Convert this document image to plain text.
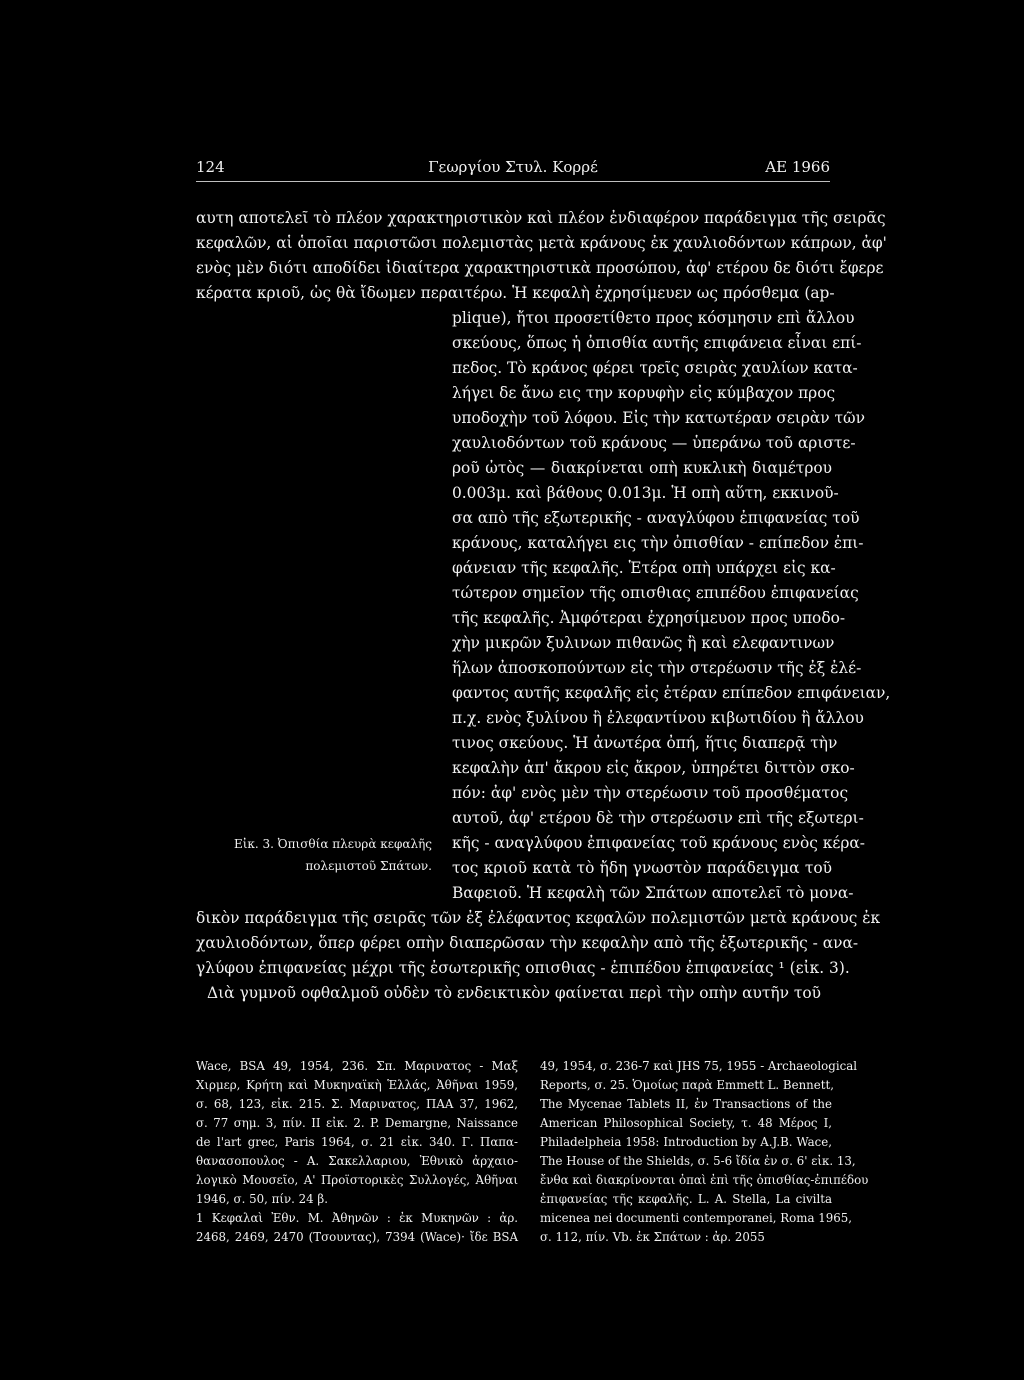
124	Γεωργίου Στυλ. Κορρέ	ΑΕ 1966
αυτη αποτελεῖ τὸ πλέον χαρακτηριστικὸν καὶ πλέον ἐνδιαφέρον παράδειγμα τῆς σειρᾶς
κεφαλῶν, αἱ ὁποῖαι παριστῶσι πολεμιστὰς μετὰ κράνους ἐκ χαυλιοδόντων κάπρων, ἀφ'
ενὸς μὲν διότι αποδίδει ἰδιαίτερα χαρακτηριστικὰ προσώπου, ἀφ' ετέρου δε διότι ἔφερε
κέρατα κριοῦ, ὡς θὰ ἴδωμεν περαιτέρω. Ἡ κεφαλὴ ἐχρησίμευεν ως πρόσθεμα (ap-
plique), ἤτοι προσετίθετο προς κόσμησιν επὶ ἄλλου
σκεύους, ὅπως ἡ ὀπισθία αυτῆς επιφάνεια εἶναι επί-
πεδος. Τὸ κράνος φέρει τρεῖς σειρὰς χαυλίων κατα-
λήγει δε ἄνω εις την κορυφὴν εἰς κύμβαχον προς
υποδοχὴν τοῦ λόφου. Εἰς τὴν κατωτέραν σειρὰν τῶν
χαυλιοδόντων τοῦ κράνους — ὑπεράνω τοῦ αριστε-
ροῦ ὠτὸς — διακρίνεται οπὴ κυκλικὴ διαμέτρου
0.003μ. καὶ βάθους 0.013μ. Ἡ οπὴ αὕτη, εκκινοῦ-
σα απὸ τῆς εξωτερικῆς - αναγλύφου ἐπιφανείας τοῦ
κράνους, καταλήγει εις τὴν ὀπισθίαν - επίπεδον ἐπι-
φάνειαν τῆς κεφαλῆς. Ἑτέρα οπὴ υπάρχει εἰς κα-
τώτερον σημεῖον τῆς οπισθιας επιπέδου ἐπιφανείας
τῆς κεφαλῆς. Ἀμφότεραι ἐχρησίμευον προς υποδο-
χὴν μικρῶν ξυλινων πιθανῶς ἢ καὶ ελεφαντινων
ἥλων ἀποσκοπούντων εἰς τὴν στερέωσιν τῆς ἐξ ἐλέ-
φαντος αυτῆς κεφαλῆς εἰς ἑτέραν επίπεδον επιφάνειαν,
π.χ. ενὸς ξυλίνου ἢ ἐλεφαντίνου κιβωτιδίου ἢ ἄλλου
τινος σκεύους. Ἡ ἀνωτέρα ὀπή, ἥτις διαπερᾷ τὴν
κεφαλὴν ἀπ' ἄκρου εἰς ἄκρον, ὑπηρέτει διττὸν σκο-
πόν: ἀφ' ενὸς μὲν τὴν στερέωσιν τοῦ προσθέματος
αυτοῦ, ἀφ' ετέρου δὲ τὴν στερέωσιν επὶ τῆς εξωτερι-
κῆς - αναγλύφου ἐπιφανείας τοῦ κράνους ενὸς κέρα-
τος κριοῦ κατὰ τὸ ἤδη γνωστὸν παράδειγμα τοῦ
Βαφειοῦ. Ἡ κεφαλὴ τῶν Σπάτων αποτελεῖ τὸ μονα-
Εἰκ. 3. Ὀπισθία πλευρὰ κεφαλῆς
πολεμιστοῦ Σπάτων.
δικὸν παράδειγμα τῆς σειρᾶς τῶν ἐξ ἐλέφαντος κεφαλῶν πολεμιστῶν μετὰ κράνους ἐκ
χαυλιοδόντων, ὅπερ φέρει οπὴν διαπερῶσαν τὴν κεφαλὴν απὸ τῆς ἐξωτερικῆς - ανα-
γλύφου ἐπιφανείας μέχρι τῆς ἐσωτερικῆς οπισθιας - ἐπιπέδου ἐπιφανείας ¹ (εἰκ. 3).
Διὰ γυμνοῦ οφθαλμοῦ οὐδὲν τὸ ενδεικτικὸν φαίνεται περὶ τὴν οπὴν αυτῆν τοῦ
Wace, BSA 49, 1954, 236. Σπ. Μαρινατος - Μαξ
Χιρμερ, Κρήτη καὶ Μυκηναϊκὴ Ἑλλάς, Ἀθῆναι 1959,
σ. 68, 123, εἰκ. 215. Σ. Μαρινατος, ΠΑΑ 37, 1962,
σ. 77 σημ. 3, πίν. II εἰκ. 2. P. Demargne, Naissance
de l'art grec, Paris 1964, σ. 21 εἰκ. 340. Γ. Παπα-
θανασοπουλος - Α. Σακελλαριου, Ἐθνικὸ ἀρχαιο-
λογικὸ Μουσεῖο, Α' Προϊστορικὲς Συλλογές, Ἀθῆναι
1946, σ. 50, πίν. 24 β.
1 Κεφαλαὶ Ἐθν. Μ. Ἀθηνῶν : ἐκ Μυκηνῶν : ἀρ.
2468, 2469, 2470 (Τσουντας), 7394 (Wace)· ἴδε BSA
49, 1954, σ. 236-7 καὶ JHS 75, 1955 - Archaeological
Reports, σ. 25. Ὁμοίως παρὰ Emmett L. Bennett,
The Mycenae Tablets II, ἐν Transactions of the
American Philosophical Society, τ. 48 Μέρος I,
Philadelpheia 1958: Introduction by A.J.B. Wace,
The House of the Shields, σ. 5-6 ἴδία ἐν σ. 6' εἰκ. 13,
ἔνθα καὶ διακρίνονται ὀπαὶ ἐπὶ τῆς ὀπισθίας-ἐπιπέδου
ἐπιφανείας τῆς κεφαλῆς. L. A. Stella, La civilta
micenea nei documenti contemporanei, Roma 1965,
σ. 112, πίν. Vb. ἐκ Σπάτων : ἀρ. 2055
